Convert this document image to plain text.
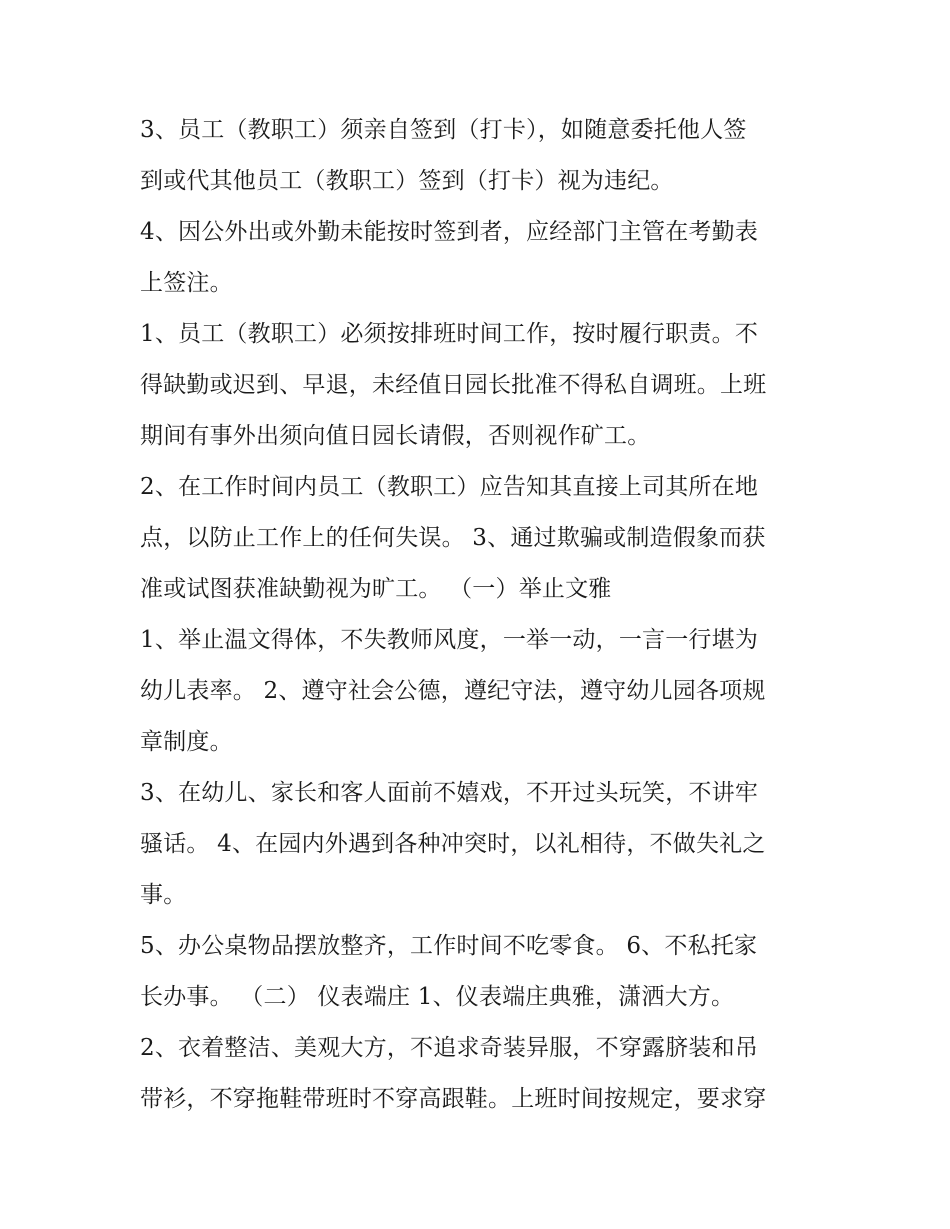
3、员工（教职工）须亲自签到（打卡），如随意委托他人签
到或代其他员工（教职工）签到（打卡）视为违纪。
4、因公外出或外勤未能按时签到者，应经部门主管在考勤表
上签注。
1、员工（教职工）必须按排班时间工作，按时履行职责。不
得缺勤或迟到、早退，未经值日园长批准不得私自调班。上班
期间有事外出须向值日园长请假，否则视作矿工。
2、在工作时间内员工（教职工）应告知其直接上司其所在地
点，以防止工作上的任何失误。 3、通过欺骗或制造假象而获
准或试图获准缺勤视为旷工。 （一）举止文雅
1、举止温文得体，不失教师风度，一举一动，一言一行堪为
幼儿表率。 2、遵守社会公德，遵纪守法，遵守幼儿园各项规
章制度。
3、在幼儿、家长和客人面前不嬉戏，不开过头玩笑，不讲牢
骚话。 4、在园内外遇到各种冲突时，以礼相待，不做失礼之
事。
5、办公桌物品摆放整齐，工作时间不吃零食。 6、不私托家
长办事。 （二） 仪表端庄 1、仪表端庄典雅，潇洒大方。
2、衣着整洁、美观大方，不追求奇装异服，不穿露脐装和吊
带衫，不穿拖鞋带班时不穿高跟鞋。上班时间按规定，要求穿
